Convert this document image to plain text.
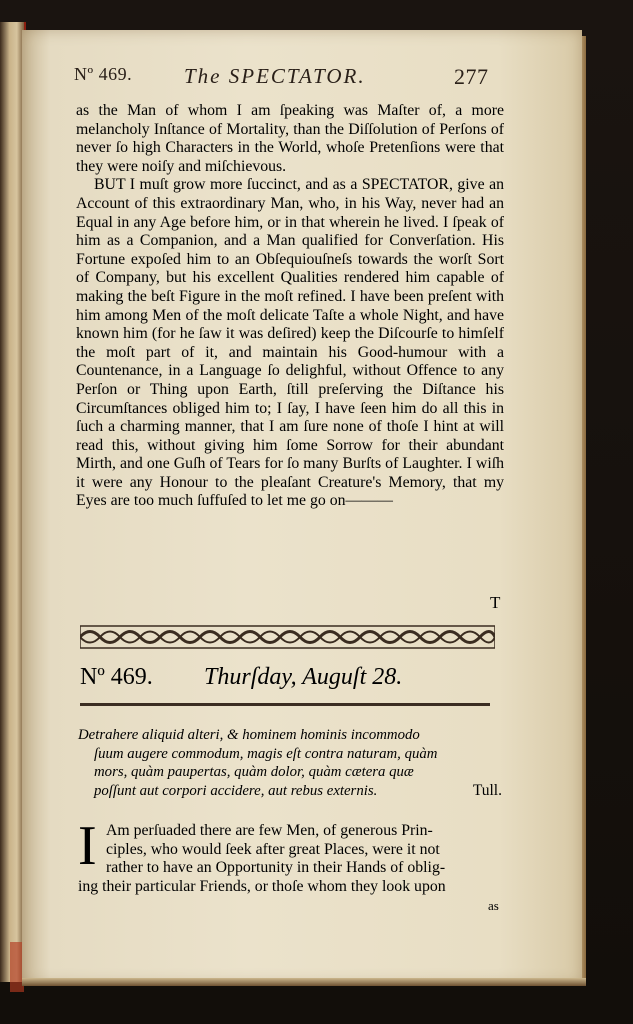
Nº 469. The SPECTATOR.	277

as the Man of whom I am ſpeaking was Maſter of, a more melancholy Inſtance of Mortality, than the Diſſolution of Perſons of never ſo high Characters in the World, whoſe Pretenſions were that they were noiſy and miſchievous.

BUT I muſt grow more ſuccinct, and as a SPECTATOR, give an Account of this extraordinary Man, who, in his Way, never had an Equal in any Age before him, or in that wherein he lived. I ſpeak of him as a Companion, and a Man qualified for Converſation. His Fortune expoſed him to an Obſequiouſneſs towards the worſt Sort of Company, but his excellent Qualities rendered him capable of making the beſt Figure in the moſt refined. I have been preſent with him among Men of the moſt delicate Taſte a whole Night, and have known him (for he ſaw it was deſired) keep the Diſcourſe to himſelf the moſt part of it, and maintain his Good-humour with a Countenance, in a Language ſo delighful, without Offence to any Perſon or Thing upon Earth, ſtill preſerving the Diſtance his Circumſtances obliged him to; I ſay, I have ſeen him do all this in ſuch a charming manner, that I am ſure none of thoſe I hint at will read this, without giving him ſome Sorrow for their abundant Mirth, and one Guſh of Tears for ſo many Burſts of Laughter. I wiſh it were any Honour to the pleaſant Creature's Memory, that my Eyes are too much ſuffuſed to let me go on———

T
Nº 469. Thurſday, Auguſt 28.
Detrahere aliquid alteri, & hominem hominis incommodo
ſuum augere commodum, magis eſt contra naturam, quàm
mors, quàm paupertas, quàm dolor, quàm cætera quæ
poſſunt aut corpori accidere, aut rebus externis.	Tull.
I Am perſuaded there are few Men, of generous Prin-
ciples, who would ſeek after great Places, were it not
rather to have an Opportunity in their Hands of oblig-
ing their particular Friends, or thoſe whom they look upon
as
